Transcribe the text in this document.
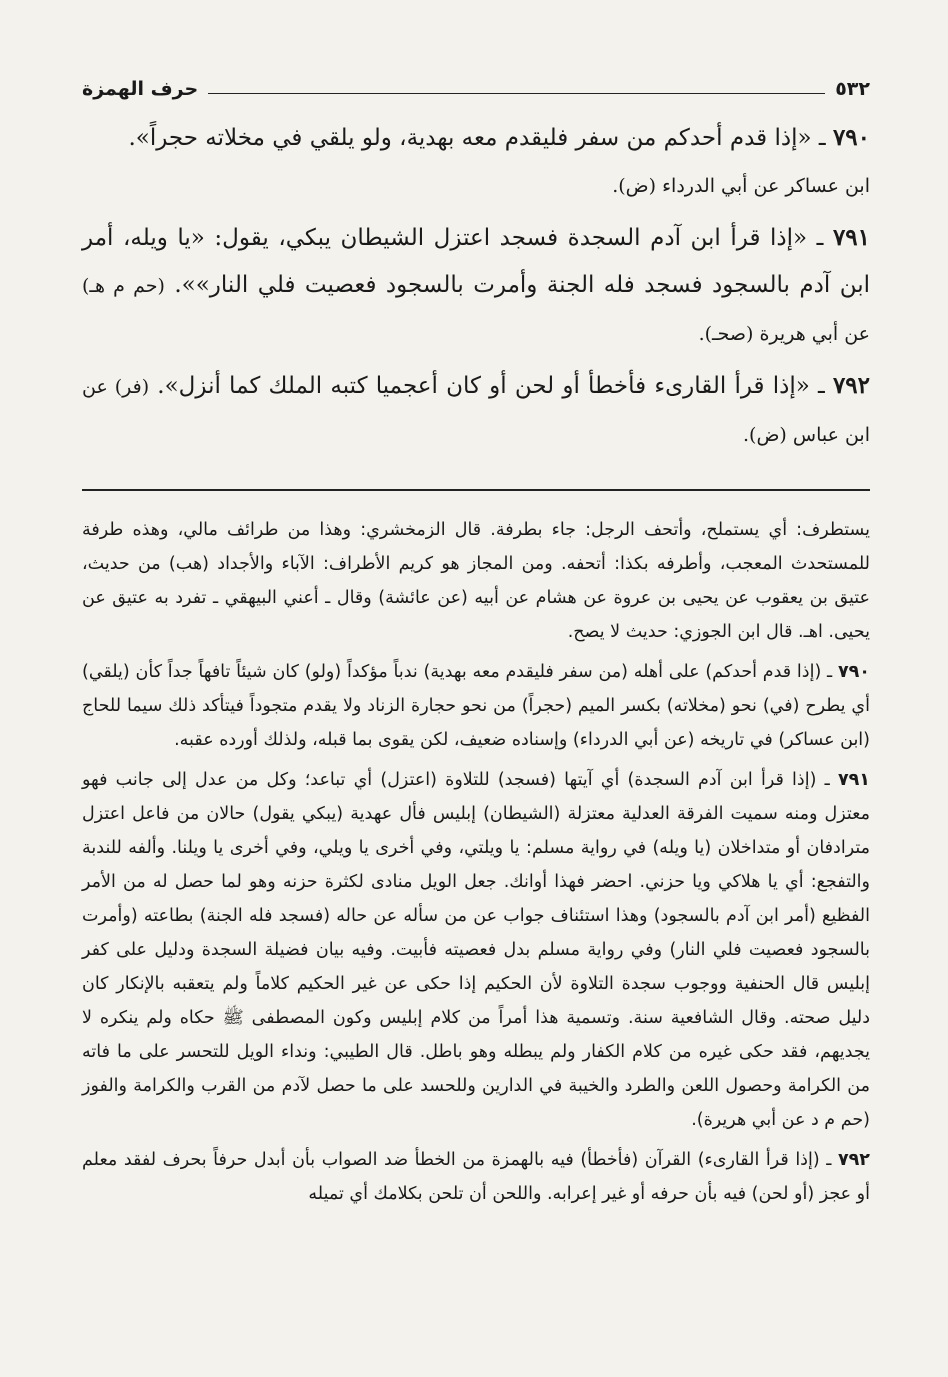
٥٣٢
حرف الهمزة

٧٩٠ ـ «إذا قدم أحدكم من سفر فليقدم معه بهدية، ولو يلقي في مخلاته حجراً».
ابن عساكر عن أبي الدرداء (ض).

٧٩١ ـ «إذا قرأ ابن آدم السجدة فسجد اعتزل الشيطان يبكي، يقول: «يا ويله، أمر ابن آدم بالسجود فسجد فله الجنة وأمرت بالسجود فعصيت فلي النار»». (حم م هـ) عن أبي هريرة (صحـ).

٧٩٢ ـ «إذا قرأ القارىء فأخطأ أو لحن أو كان أعجميا كتبه الملك كما أنزل». (فر) عن ابن عباس (ض).

يستطرف: أي يستملح، وأتحف الرجل: جاء بطرفة. قال الزمخشري: وهذا من طرائف مالي، وهذه طرفة للمستحدث المعجب، وأطرفه بكذا: أتحفه. ومن المجاز هو كريم الأطراف: الآباء والأجداد (هب) من حديث، عتيق بن يعقوب عن يحيى بن عروة عن هشام عن أبيه (عن عائشة) وقال ـ أعني البيهقي ـ تفرد به عتيق عن يحيى. اهـ. قال ابن الجوزي: حديث لا يصح.

٧٩٠ ـ (إذا قدم أحدكم) على أهله (من سفر فليقدم معه بهدية) ندباً مؤكداً (ولو) كان شيئاً تافهاً جداً كأن (يلقي) أي يطرح (في) نحو (مخلاته) بكسر الميم (حجراً) من نحو حجارة الزناد ولا يقدم متجوداً فيتأكد ذلك سيما للحاج (ابن عساكر) في تاريخه (عن أبي الدرداء) وإسناده ضعيف، لكن يقوى بما قبله، ولذلك أورده عقبه.

٧٩١ ـ (إذا قرأ ابن آدم السجدة) أي آيتها (فسجد) للتلاوة (اعتزل) أي تباعد؛ وكل من عدل إلى جانب فهو معتزل ومنه سميت الفرقة العدلية معتزلة (الشيطان) إبليس فأل عهدية (يبكي يقول) حالان من فاعل اعتزل مترادفان أو متداخلان (يا ويله) في رواية مسلم: يا ويلتي، وفي أخرى يا ويلي، وفي أخرى يا ويلنا. وألفه للندبة والتفجع: أي يا هلاكي ويا حزني. احضر فهذا أوانك. جعل الويل منادى لكثرة حزنه وهو لما حصل له من الأمر الفظيع (أمر ابن آدم بالسجود) وهذا استئناف جواب عن من سأله عن حاله (فسجد فله الجنة) بطاعته (وأمرت بالسجود فعصيت فلي النار) وفي رواية مسلم بدل فعصيته فأبيت. وفيه بيان فضيلة السجدة ودليل على كفر إبليس قال الحنفية ووجوب سجدة التلاوة لأن الحكيم إذا حكى عن غير الحكيم كلاماً ولم يتعقبه بالإنكار كان دليل صحته. وقال الشافعية سنة. وتسمية هذا أمراً من كلام إبليس وكون المصطفى ﷺ حكاه ولم ينكره لا يجديهم، فقد حكى غيره من كلام الكفار ولم يبطله وهو باطل. قال الطيبي: ونداء الويل للتحسر على ما فاته من الكرامة وحصول اللعن والطرد والخيبة في الدارين وللحسد على ما حصل لآدم من القرب والكرامة والفوز (حم م د عن أبي هريرة).

٧٩٢ ـ (إذا قرأ القارىء) القرآن (فأخطأ) فيه بالهمزة من الخطأ ضد الصواب بأن أبدل حرفاً بحرف لفقد معلم أو عجز (أو لحن) فيه بأن حرفه أو غير إعرابه. واللحن أن تلحن بكلامك أي تميله
